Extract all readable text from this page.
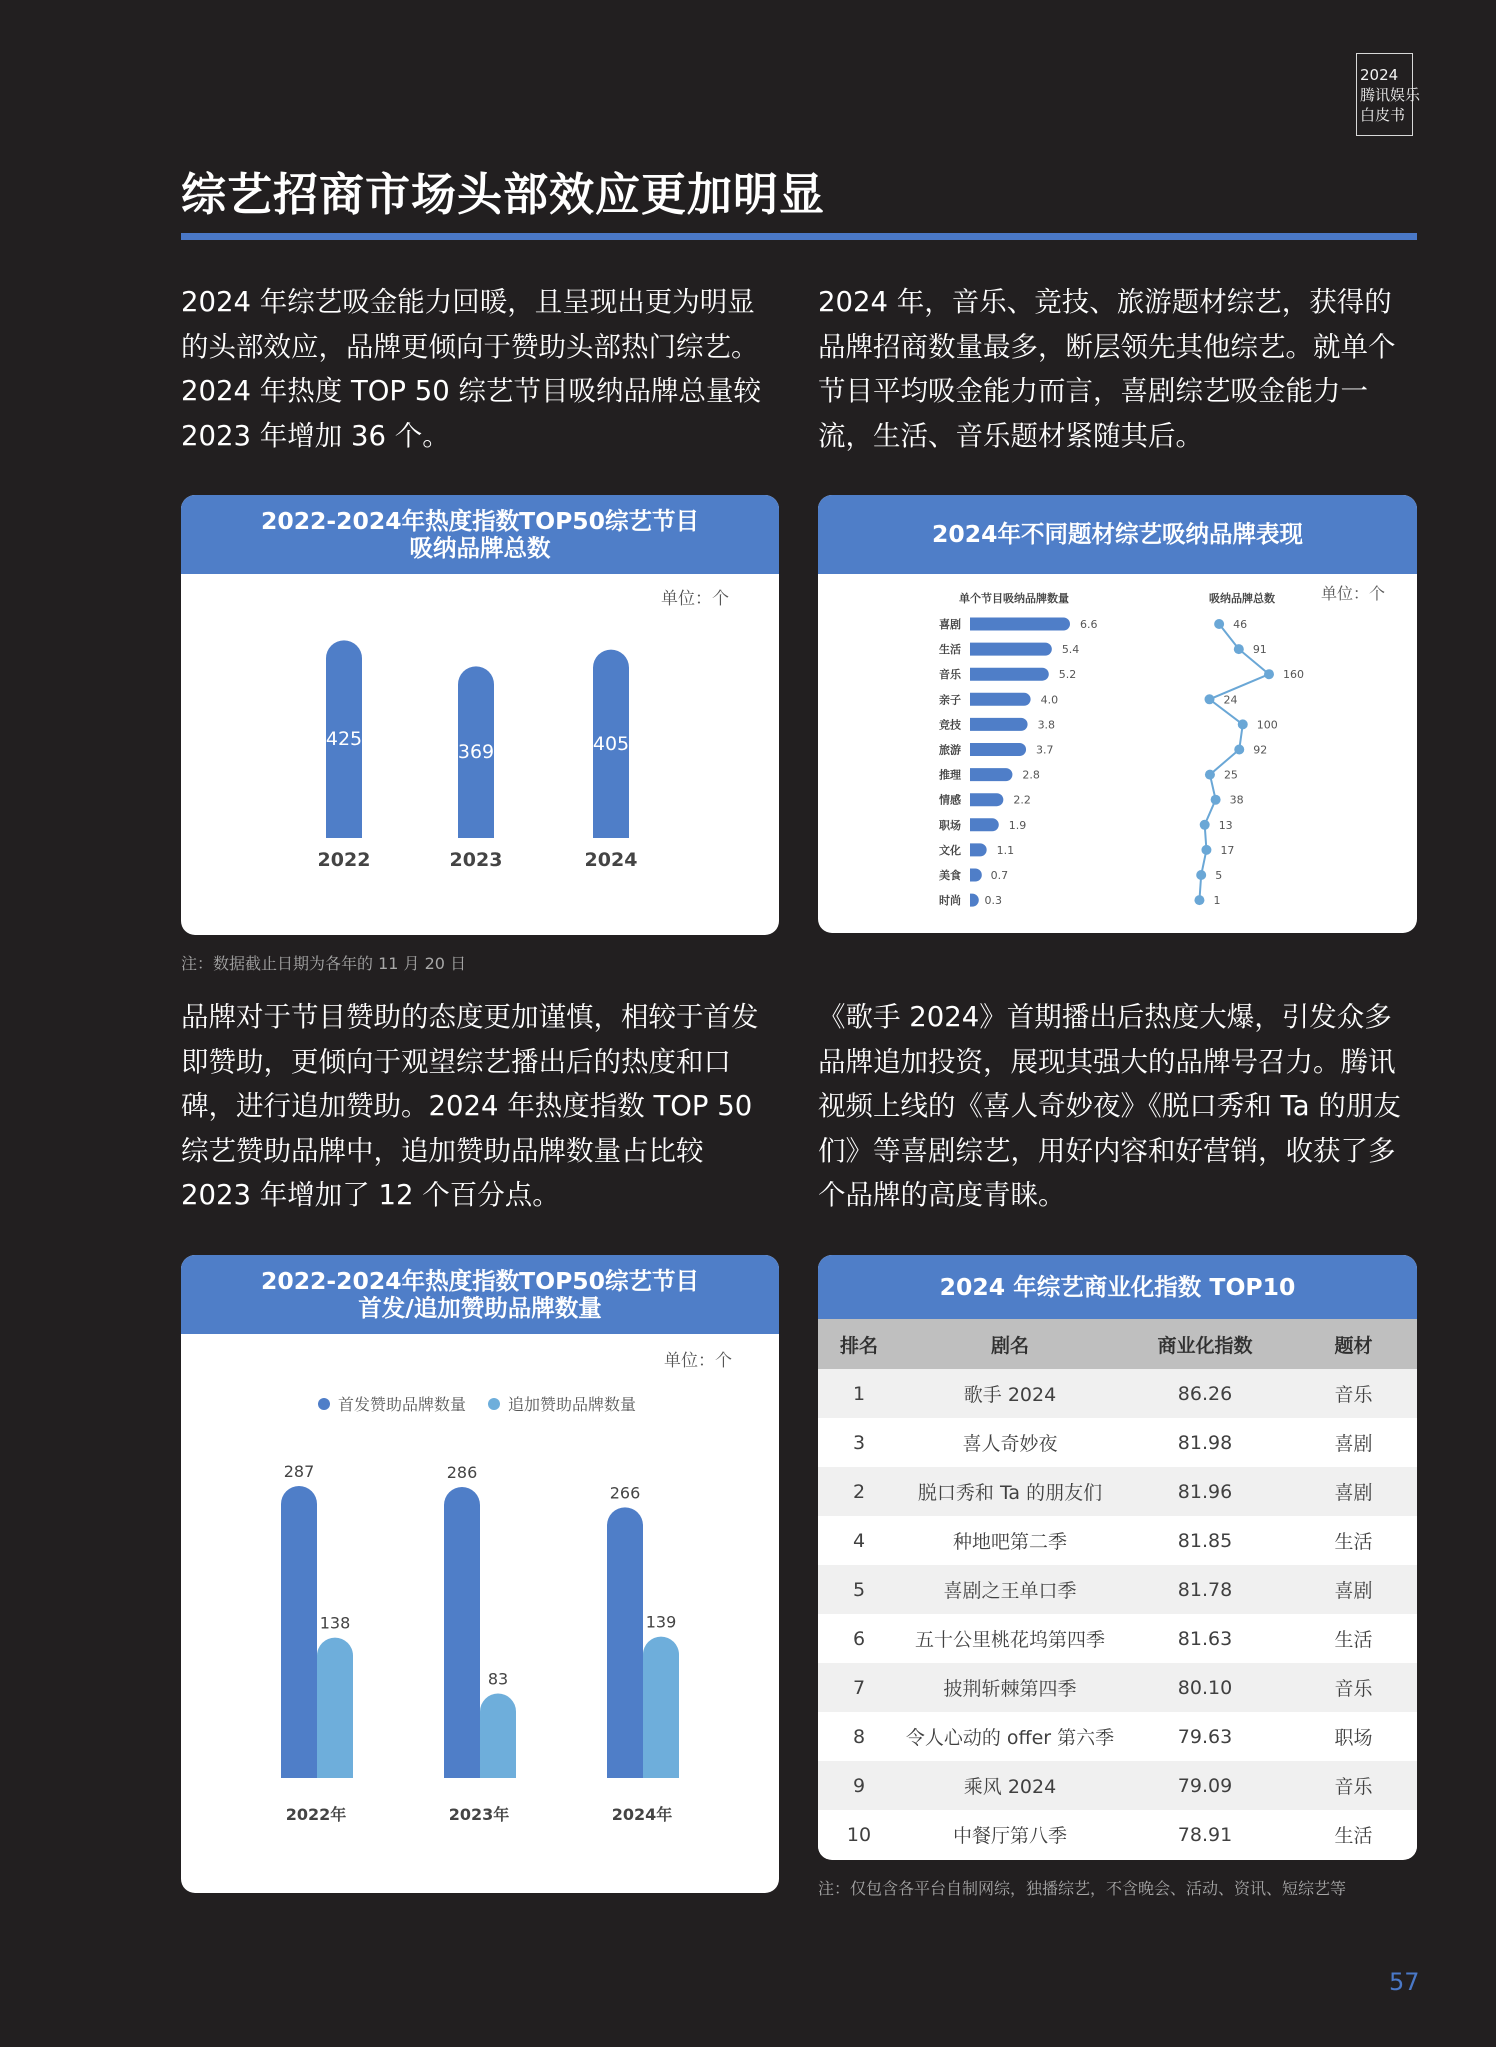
2024
腾讯娱乐
白皮书
综艺招商市场头部效应更加明显
2024 年综艺吸金能力回暖，且呈现出更为明显的头部效应，品牌更倾向于赞助头部热门综艺。2024 年热度 TOP 50 综艺节目吸纳品牌总量较 2023 年增加 36 个。
2024 年，音乐、竞技、旅游题材综艺，获得的品牌招商数量最多，断层领先其他综艺。就单个节目平均吸金能力而言，喜剧综艺吸金能力一流，生活、音乐题材紧随其后。
2022-2024年热度指数TOP50综艺节目
吸纳品牌总数
单位：个
425
2022
369
2023
405
2024
注：数据截止日期为各年的 11 月 20 日
2024年不同题材综艺吸纳品牌表现
单位：个
单个节目吸纳品牌数量	吸纳品牌总数
喜剧	6.6
生活	5.4
音乐	5.2
亲子	4.0
竞技	3.8
旅游	3.7
推理	2.8
情感	2.2
职场	1.9
文化	1.1
美食	0.7
时尚 0.3
46
91
160
24
100
92
25
38
13
17
5
1
品牌对于节目赞助的态度更加谨慎，相较于首发即赞助，更倾向于观望综艺播出后的热度和口碑，进行追加赞助。2024 年热度指数 TOP 50 综艺赞助品牌中，追加赞助品牌数量占比较 2023 年增加了 12 个百分点。
《歌手 2024》首期播出后热度大爆，引发众多品牌追加投资，展现其强大的品牌号召力。腾讯视频上线的《喜人奇妙夜》《脱口秀和 Ta 的朋友们》等喜剧综艺，用好内容和好营销，收获了多个品牌的高度青睐。
2022-2024年热度指数TOP50综艺节目
首发/追加赞助品牌数量
单位：个
首发赞助品牌数量	追加赞助品牌数量
287
138
2022年
286
83
2023年
266
139
2024年
2024 年综艺商业化指数 TOP10
排名	剧名	商业化指数	题材
1	歌手 2024	86.26	音乐
3	喜人奇妙夜	81.98	喜剧
2	脱口秀和 Ta 的朋友们	81.96	喜剧
4	种地吧第二季	81.85	生活
5	喜剧之王单口季	81.78	喜剧
6	五十公里桃花坞第四季	81.63	生活
7	披荆斩棘第四季	80.10	音乐
8	令人心动的 offer 第六季	79.63	职场
9	乘风 2024	79.09	音乐
10	中餐厅第八季	78.91	生活
注：仅包含各平台自制网综，独播综艺，不含晚会、活动、资讯、短综艺等
57
